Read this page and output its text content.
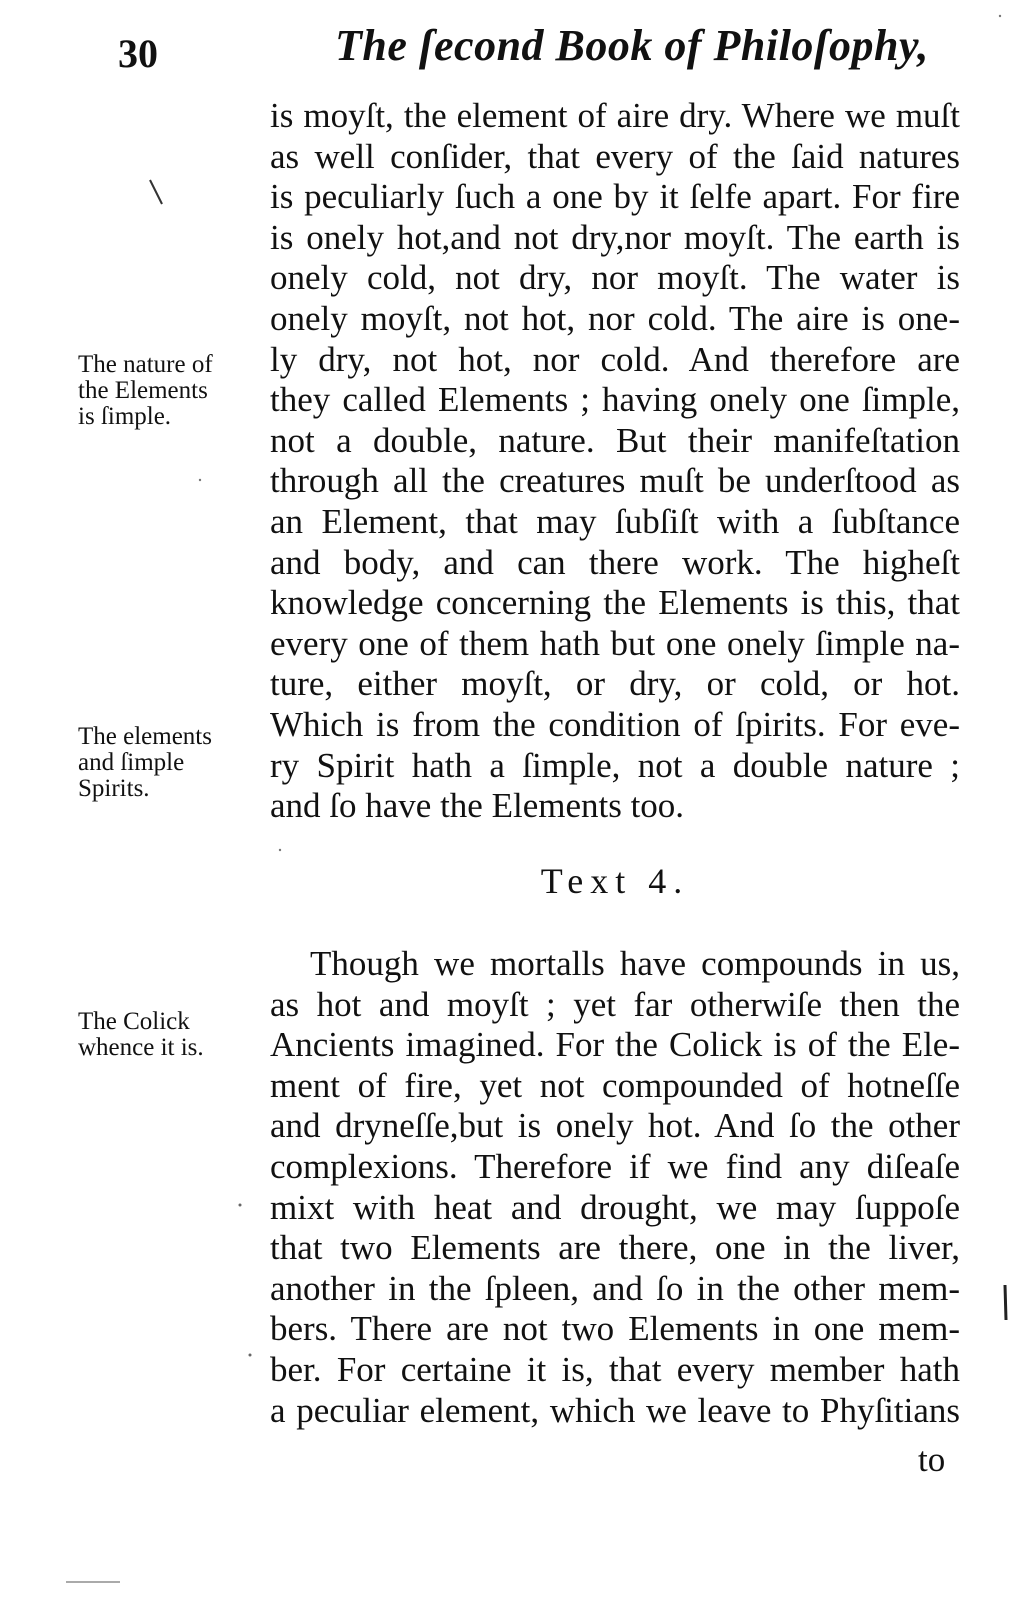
30	The ſecond Book of Philoſophy,
is moyſt, the element of aire dry. Where we muſt
as well conſider, that every of the ſaid natures
is peculiarly ſuch a one by it ſelfe apart. For fire
is onely hot,and not dry,nor moyſt. The earth is
onely cold, not dry, nor moyſt. The water is
onely moyſt, not hot, nor cold. The aire is one-
ly dry, not hot, nor cold. And therefore are
they called Elements ; having onely one ſimple,
not a double, nature. But their manifeſtation
through all the creatures muſt be underſtood as
an Element, that may ſubſiſt with a ſubſtance
and body, and can there work. The higheſt
knowledge concerning the Elements is this, that
every one of them hath but one onely ſimple na-
ture, either moyſt, or dry, or cold, or hot.
Which is from the condition of ſpirits. For eve-
ry Spirit hath a ſimple, not a double nature ;
and ſo have the Elements too.
Text 4.
Though we mortalls have compounds in us,
as hot and moyſt ; yet far otherwiſe then the
Ancients imagined. For the Colick is of the Ele-
ment of fire, yet not compounded of hotneſſe
and dryneſſe,but is onely hot. And ſo the other
complexions. Therefore if we find any diſeaſe
mixt with heat and drought, we may ſuppoſe
that two Elements are there, one in the liver,
another in the ſpleen, and ſo in the other mem-
bers. There are not two Elements in one mem-
ber. For certaine it is, that every member hath
a peculiar element, which we leave to Phyſitians
to
The nature of
the Elements
is ſimple.
The elements
and ſimple
Spirits.
The Colick
whence it is.
